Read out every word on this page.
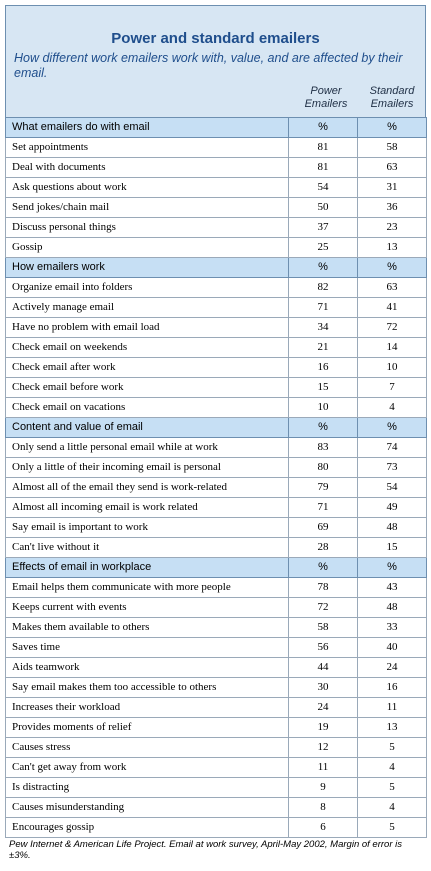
Power and standard emailers
How different work emailers work with, value, and are affected by their email.
Power Emailers
Standard Emailers
What emailers do with email	%	%
Set appointments	81	58
Deal with documents	81	63
Ask questions about work	54	31
Send jokes/chain mail	50	36
Discuss personal things	37	23
Gossip	25	13
How emailers work	%	%
Organize email into folders	82	63
Actively manage email	71	41
Have no problem with email load	34	72
Check email on weekends	21	14
Check email after work	16	10
Check email before work	15	7
Check email on vacations	10	4
Content and value of email	%	%
Only send a little personal email while at work	83	74
Only a little of their incoming email is personal	80	73
Almost all of the email they send is work-related	79	54
Almost all incoming email is work related	71	49
Say email is important to work	69	48
Can't live without it	28	15
Effects of email in workplace	%	%
Email helps them communicate with more people	78	43
Keeps current with events	72	48
Makes them available to others	58	33
Saves time	56	40
Aids teamwork	44	24
Say email makes them too accessible to others	30	16
Increases their workload	24	11
Provides moments of relief	19	13
Causes stress	12	5
Can't get away from work	11	4
Is distracting	9	5
Causes misunderstanding	8	4
Encourages gossip	6	5
Pew Internet & American Life Project. Email at work survey, April-May 2002, Margin of error is ±3%.
